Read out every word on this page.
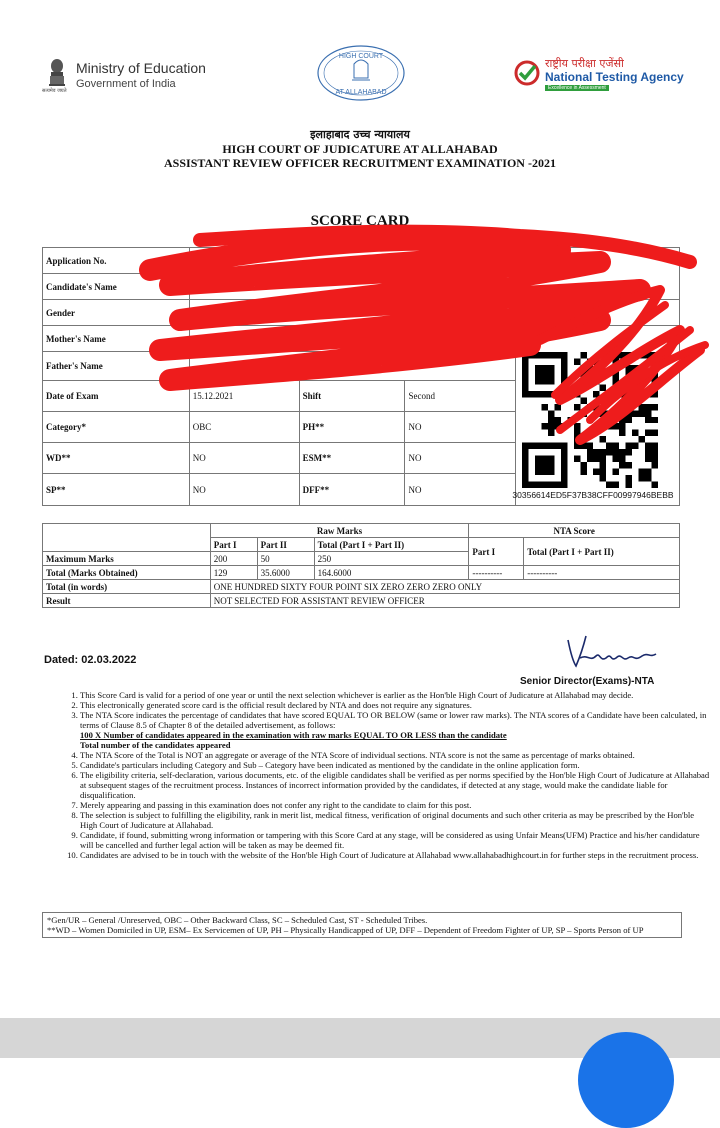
Ministry of Education
Government of India
सत्यमेव जयते
HIGH COURT
AT ALLAHABAD
राष्ट्रीय परीक्षा एजेंसी
National Testing Agency
Excellence in Assessment
इलाहाबाद उच्च न्यायालय
HIGH COURT OF JUDICATURE AT ALLAHABAD
ASSISTANT REVIEW OFFICER RECRUITMENT EXAMINATION -2021
SCORE CARD
Application No.				
Candidate's Name				
Gender				
Mother's Name				
Father's Name				
Date of Exam	15.12.2021	Shift	Second	
Category*	OBC	PH**	NO	
WD**	NO	ESM**	NO	
SP**	NO	DFF**	NO	
30356614ED5F37B38CFF00997946BEBB
	Raw Marks			NTA Score	
	Part I	Part II	Total (Part I + Part II)	Part I	Total (Part I + Part II)
Maximum Marks	200	50	250		
Total (Marks Obtained)	129	35.6000	164.6000	----------	----------
Total (in words)	ONE HUNDRED SIXTY FOUR POINT SIX ZERO ZERO ZERO ONLY				
Result	NOT SELECTED FOR ASSISTANT REVIEW OFFICER				
Dated: 02.03.2022
Senior Director(Exams)-NTA
1. This Score Card is valid for a period of one year or until the next selection whichever is earlier as the Hon'ble High Court of Judicature at Allahabad may decide.
2. This electronically generated score card is the official result declared by NTA and does not require any signatures.
3. The NTA Score indicates the percentage of candidates that have scored EQUAL TO OR BELOW (same or lower raw marks). The NTA scores of a Candidate have been calculated, in terms of Clause 8.5 of Chapter 8 of the detailed advertisement, as follows:
100 X Number of candidates appeared in the examination with raw marks EQUAL TO OR LESS than the candidate
Total number of the candidates appeared
4. The NTA Score of the Total is NOT an aggregate or average of the NTA Score of individual sections. NTA score is not the same as percentage of marks obtained.
5. Candidate's particulars including Category and Sub – Category have been indicated as mentioned by the candidate in the online application form.
6. The eligibility criteria, self-declaration, various documents, etc. of the eligible candidates shall be verified as per norms specified by the Hon'ble High Court of Judicature at Allahabad at subsequent stages of the recruitment process. Instances of incorrect information provided by the candidates, if detected at any stage, would make the candidate liable for disqualification.
7. Merely appearing and passing in this examination does not confer any right to the candidate to claim for this post.
8. The selection is subject to fulfilling the eligibility, rank in merit list, medical fitness, verification of original documents and such other criteria as may be prescribed by the Hon'ble High Court of Judicature at Allahabad.
9. Candidate, if found, submitting wrong information or tampering with this Score Card at any stage, will be considered as using Unfair Means(UFM) Practice and his/her candidature will be cancelled and further legal action will be taken as may be deemed fit.
10. Candidates are advised to be in touch with the website of the Hon'ble High Court of Judicature at Allahabad www.allahabadhighcourt.in for further steps in the recruitment process.
*Gen/UR – General /Unreserved, OBC – Other Backward Class, SC – Scheduled Cast, ST - Scheduled Tribes.
**WD – Women Domiciled in UP, ESM– Ex Servicemen of UP, PH – Physically Handicapped of UP, DFF – Dependent of Freedom Fighter of UP, SP – Sports Person of UP
